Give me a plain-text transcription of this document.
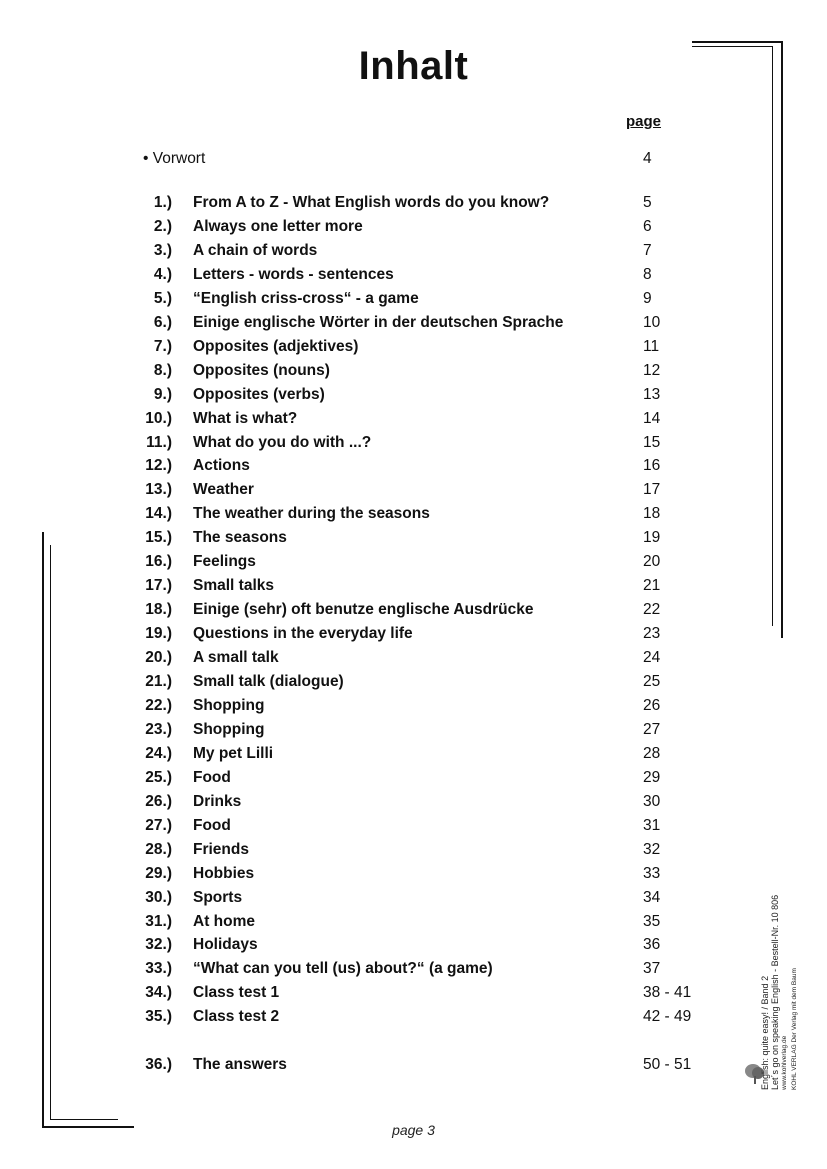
Inhalt
page
• Vorwort	4
1.) From A to Z - What English words do you know?	5
2.) Always one letter more	6
3.) A chain of words	7
4.) Letters - words - sentences	8
5.) “English criss-cross“ - a game	9
6.) Einige englische Wörter in der deutschen Sprache	10
7.) Opposites (adjektives)	11
8.) Opposites (nouns)	12
9.) Opposites (verbs)	13
10.) What is what?	14
11.) What do you do with ...?	15
12.) Actions	16
13.) Weather	17
14.) The weather during the seasons	18
15.) The seasons	19
16.) Feelings	20
17.) Small talks	21
18.) Einige (sehr) oft benutze englische Ausdrücke	22
19.) Questions in the everyday life	23
20.) A small talk	24
21.) Small talk (dialogue)	25
22.) Shopping	26
23.) Shopping	27
24.) My pet Lilli	28
25.) Food	29
26.) Drinks	30
27.) Food	31
28.) Friends	32
29.) Hobbies	33
30.) Sports	34
31.) At home	35
32.) Holidays	36
33.) “What can you tell (us) about?“ (a game)	37
34.) Class test 1	38 - 41
35.) Class test 2	42 - 49
36.) The answers	50 - 51
page 3
English: quite easy! / Band 2 Let´s go on speaking English - Bestell-Nr. 10 806 www.kohlverlag.de KOHL VERLAG Der Verlag mit dem Baum
